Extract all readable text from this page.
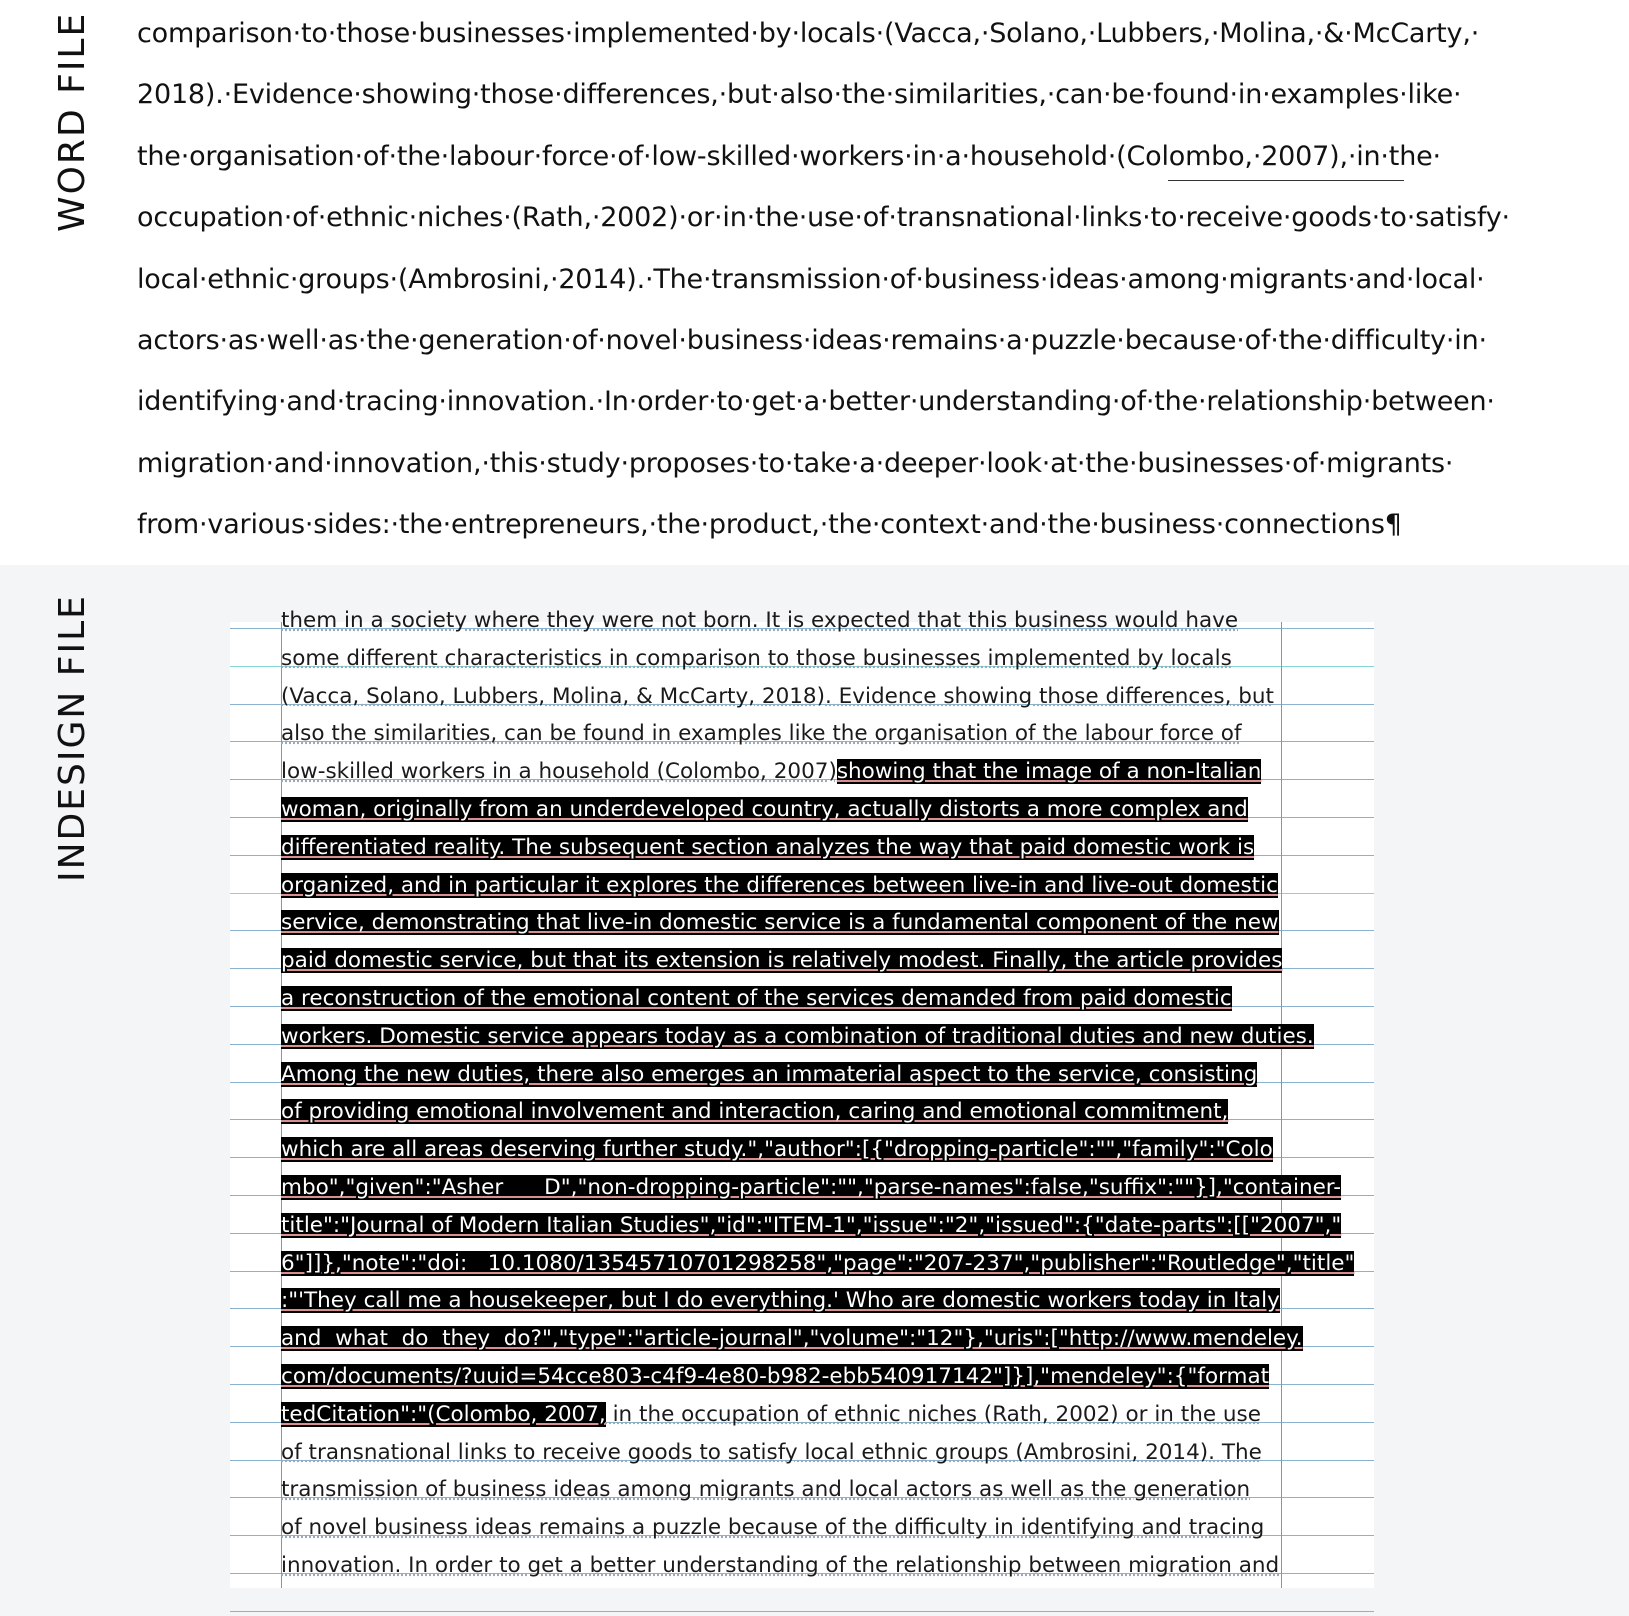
WORD FILE comparison·to·those·businesses·implemented·by·locals·(Vacca,·Solano,·Lubbers,·Molina,·&·McCarty,·
2018).·Evidence·showing·those·differences,·but·also·the·similarities,·can·be·found·in·examples·like·
the·organisation·of·the·labour·force·of·low-skilled·workers·in·a·household·(Colombo,·2007),·in·the·
occupation·of·ethnic·niches·(Rath,·2002)·or·in·the·use·of·transnational·links·to·receive·goods·to·satisfy·
local·ethnic·groups·(Ambrosini,·2014).·The·transmission·of·business·ideas·among·migrants·and·local·
actors·as·well·as·the·generation·of·novel·business·ideas·remains·a·puzzle·because·of·the·difficulty·in·
identifying·and·tracing·innovation.·In·order·to·get·a·better·understanding·of·the·relationship·between·
migration·and·innovation,·this·study·proposes·to·take·a·deeper·look·at·the·businesses·of·migrants·
from·various·sides:·the·entrepreneurs,·the·product,·the·context·and·the·business·connections¶
INDESIGN FILE	them in a society where they were not born. It is expected that this business would have
some different characteristics in comparison to those businesses implemented by locals
(Vacca, Solano, Lubbers, Molina, & McCarty, 2018). Evidence showing those differences, but
also the similarities, can be found in examples like the organisation of the labour force of
low-skilled workers in a household (Colombo, 2007)showing that the image of a non-Italian
woman, originally from an underdeveloped country, actually distorts a more complex and
differentiated reality. The subsequent section analyzes the way that paid domestic work is
organized, and in particular it explores the differences between live-in and live-out domestic
service, demonstrating that live-in domestic service is a fundamental component of the new
paid domestic service, but that its extension is relatively modest. Finally, the article provides
a reconstruction of the emotional content of the services demanded from paid domestic
workers. Domestic service appears today as a combination of traditional duties and new duties.
Among the new duties, there also emerges an immaterial aspect to the service, consisting
of providing emotional involvement and interaction, caring and emotional commitment,
which are all areas deserving further study.","author":[{"dropping-particle":"","family":"Colo
mbo","given":"Asher      D","non-dropping-particle":"","parse-names":false,"suffix":""}],"container-
title":"Journal of Modern Italian Studies","id":"ITEM-1","issue":"2","issued":{"date-parts":[["2007","
6"]]},"note":"doi:   10.1080/13545710701298258","page":"207-237","publisher":"Routledge","title"
:"'They call me a housekeeper, but I do everything.' Who are domestic workers today in Italy
and  what  do  they  do?","type":"article-journal","volume":"12"},"uris":["http://www.mendeley.
com/documents/?uuid=54cce803-c4f9-4e80-b982-ebb540917142"]}],"mendeley":{"format
tedCitation":"(Colombo, 2007, in the occupation of ethnic niches (Rath, 2002) or in the use
of transnational links to receive goods to satisfy local ethnic groups (Ambrosini, 2014). The
transmission of business ideas among migrants and local actors as well as the generation
of novel business ideas remains a puzzle because of the difficulty in identifying and tracing
innovation. In order to get a better understanding of the relationship between migration and
